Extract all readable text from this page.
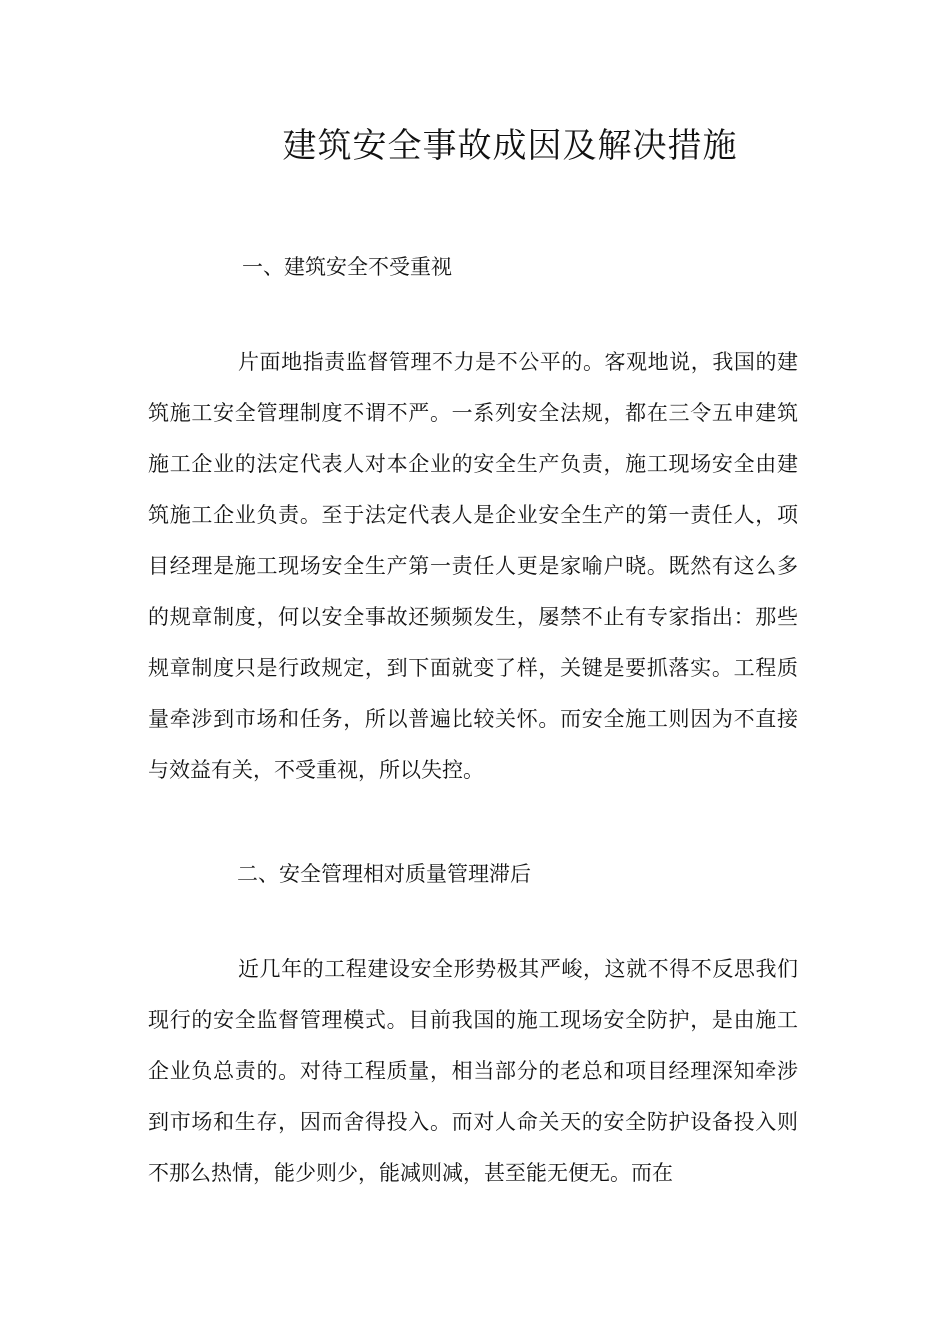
建筑安全事故成因及解决措施
一、建筑安全不受重视

片面地指责监督管理不力是不公平的。客观地说，我国的建筑施工安全管理制度不谓不严。一系列安全法规，都在三令五申建筑施工企业的法定代表人对本企业的安全生产负责，施工现场安全由建筑施工企业负责。至于法定代表人是企业安全生产的第一责任人，项目经理是施工现场安全生产第一责任人更是家喻户晓。既然有这么多的规章制度，何以安全事故还频频发生，屡禁不止有专家指出：那些规章制度只是行政规定，到下面就变了样，关键是要抓落实。工程质量牵涉到市场和任务，所以普遍比较关怀。而安全施工则因为不直接与效益有关，不受重视，所以失控。

二、安全管理相对质量管理滞后

近几年的工程建设安全形势极其严峻，这就不得不反思我们现行的安全监督管理模式。目前我国的施工现场安全防护，是由施工企业负总责的。对待工程质量，相当部分的老总和项目经理深知牵涉到市场和生存，因而舍得投入。而对人命关天的安全防护设备投入则不那么热情，能少则少，能减则减，甚至能无便无。而在
